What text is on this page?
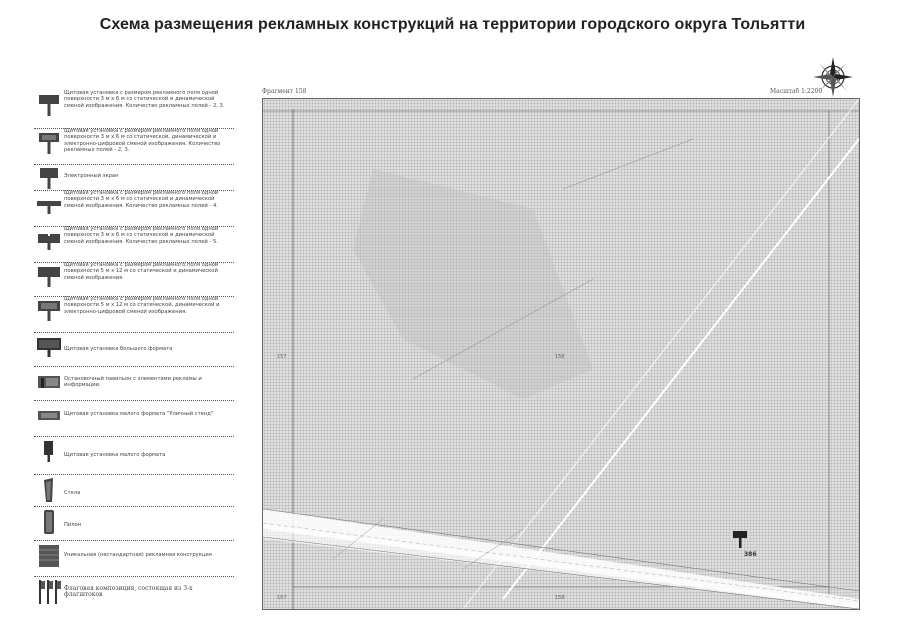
Схема размещения рекламных конструкций на территории городского округа Тольятти
Щитовая установка с размером рекламного поля одной поверхности 3 м х 6 м со статической и динамической сменой изображения. Количество рекламных полей - 2, 3.
Щитовая установка с размером рекламного поля одной поверхности 3 м х 6 м со статической, динамической и электронно-цифровой сменой изображения. Количество рекламных полей - 2, 3.
Электронный экран
Щитовая установка с размером рекламного поля одной поверхности 3 м х 6 м со статической и динамической сменой изображения. Количество рекламных полей - 4.
Щитовая установка с размером рекламного поля одной поверхности 3 м х 6 м со статической и динамической сменой изображения. Количество рекламных полей - 5.
Щитовая установка с размером рекламного поля одной поверхности 5 м х 12 м со статической и динамической сменой изображения.
Щитовая установка с размером рекламного поля одной поверхности 5 м х 12 м со статической, динамической и электронно-цифровой сменой изображения.
Щитовая установка большого формата
Остановочный павильон с элементами рекламы и информации.
Щитовая установка малого формата "Уличный стенд"
Щитовая установка малого формата
Стела
Пилон
Уникальная (нестандартная) рекламная конструкция
Флаговая композиция, состоящая из 3-х флагштоков
Фрагмент 158	Масштаб 1:2200
157	158
157	158
386
